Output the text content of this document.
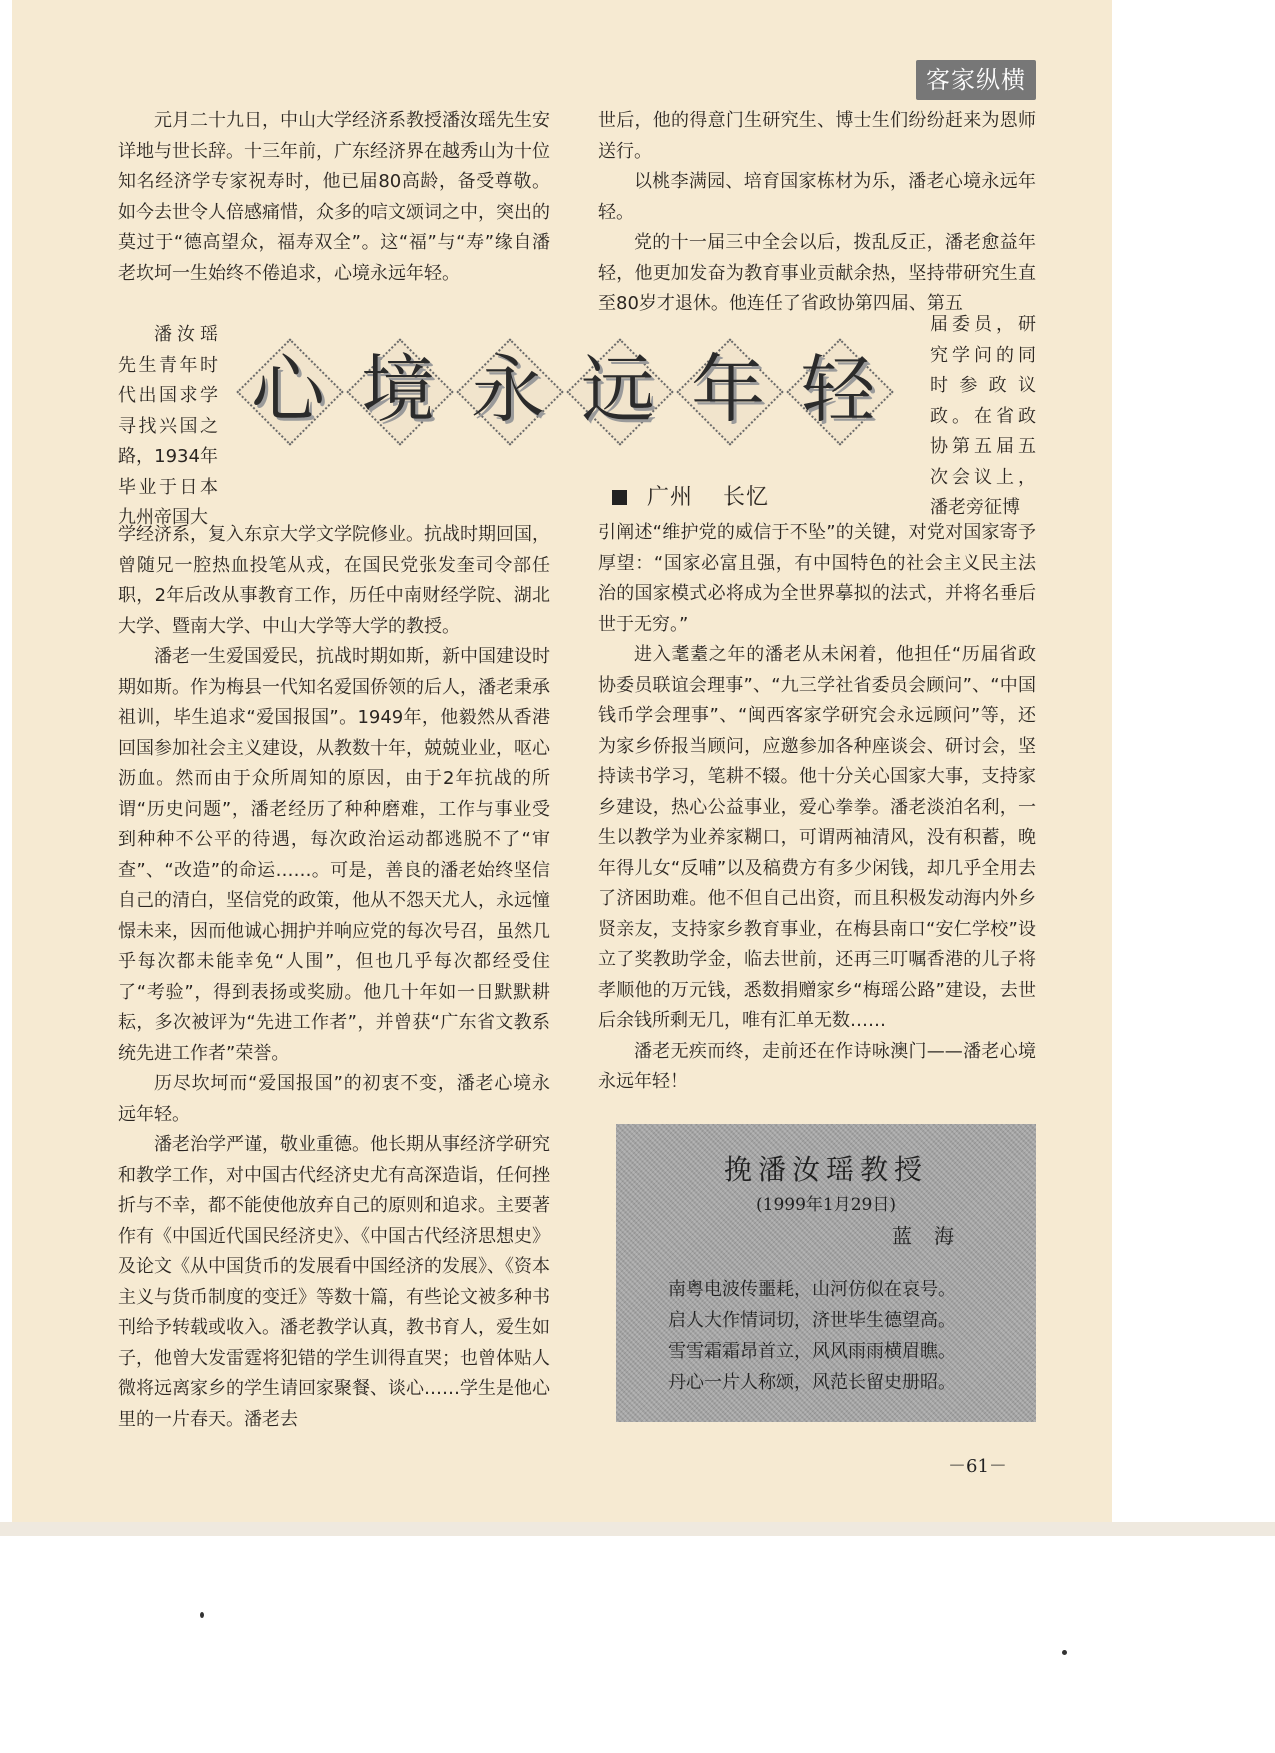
客家纵横

元月二十九日，中山大学经济系教授潘汝瑶先生安详地与世长辞。十三年前，广东经济界在越秀山为十位知名经济学专家祝寿时，他已届80高龄，备受尊敬。如今去世令人倍感痛惜，众多的唁文颂词之中，突出的莫过于“德高望众，福寿双全”。这“福”与“寿”缘自潘老坎坷一生始终不倦追求，心境永远年轻。

潘汝瑶先生青年时代出国求学寻找兴国之路，1934年毕业于日本九州帝国大

心 境 永 远 年 轻
广州 长忆

学经济系，复入东京大学文学院修业。抗战时期回国，曾随兄一腔热血投笔从戎，在国民党张发奎司令部任职，2年后改从事教育工作，历任中南财经学院、湖北大学、暨南大学、中山大学等大学的教授。

潘老一生爱国爱民，抗战时期如斯，新中国建设时期如斯。作为梅县一代知名爱国侨领的后人，潘老秉承祖训，毕生追求“爱国报国”。1949年，他毅然从香港回国参加社会主义建设，从教数十年，兢兢业业，呕心沥血。然而由于众所周知的原因，由于2年抗战的所谓“历史问题”，潘老经历了种种磨难，工作与事业受到种种不公平的待遇，每次政治运动都逃脱不了“审查”、“改造”的命运……。可是，善良的潘老始终坚信自己的清白，坚信党的政策，他从不怨天尤人，永远憧憬未来，因而他诚心拥护并响应党的每次号召，虽然几乎每次都未能幸免“人围”，但也几乎每次都经受住了“考验”，得到表扬或奖励。他几十年如一日默默耕耘，多次被评为“先进工作者”，并曾获“广东省文教系统先进工作者”荣誉。

历尽坎坷而“爱国报国”的初衷不变，潘老心境永远年轻。

潘老治学严谨，敬业重德。他长期从事经济学研究和教学工作，对中国古代经济史尤有高深造诣，任何挫折与不幸，都不能使他放弃自己的原则和追求。主要著作有《中国近代国民经济史》、《中国古代经济思想史》及论文《从中国货币的发展看中国经济的发展》、《资本主义与货币制度的变迁》等数十篇，有些论文被多种书刊给予转载或收入。潘老教学认真，教书育人，爱生如子，他曾大发雷霆将犯错的学生训得直哭；也曾体贴人微将远离家乡的学生请回家聚餐、谈心……学生是他心里的一片春天。潘老去

世后，他的得意门生研究生、博士生们纷纷赶来为恩师送行。

以桃李满园、培育国家栋材为乐，潘老心境永远年轻。

党的十一届三中全会以后，拨乱反正，潘老愈益年轻，他更加发奋为教育事业贡献余热，坚持带研究生直至80岁才退休。他连任了省政协第四届、第五

届委员，研究学问的同时参政议政。在省政协第五届五次会议上，潘老旁征博

引阐述“维护党的威信于不坠”的关键，对党对国家寄予厚望：“国家必富且强，有中国特色的社会主义民主法治的国家模式必将成为全世界摹拟的法式，并将名垂后世于无穷。”

进入耄耋之年的潘老从未闲着，他担任“历届省政协委员联谊会理事”、“九三学社省委员会顾问”、“中国钱币学会理事”、“闽西客家学研究会永远顾问”等，还为家乡侨报当顾问，应邀参加各种座谈会、研讨会，坚持读书学习，笔耕不辍。他十分关心国家大事，支持家乡建设，热心公益事业，爱心拳拳。潘老淡泊名利，一生以教学为业养家糊口，可谓两袖清风，没有积蓄，晚年得儿女“反哺”以及稿费方有多少闲钱，却几乎全用去了济困助难。他不但自己出资，而且积极发动海内外乡贤亲友，支持家乡教育事业，在梅县南口“安仁学校”设立了奖教助学金，临去世前，还再三叮嘱香港的儿子将孝顺他的万元钱，悉数捐赠家乡“梅瑶公路”建设，去世后余钱所剩无几，唯有汇单无数……

潘老无疾而终，走前还在作诗咏澳门——潘老心境永远年轻！

挽潘汝瑶教授
(1999年1月29日)
蓝海
南粤电波传噩耗，山河仿似在哀号。
启人大作情词切，济世毕生德望高。
雪雪霜霜昂首立，风风雨雨横眉瞧。
丹心一片人称颂，风范长留史册昭。
－61－
